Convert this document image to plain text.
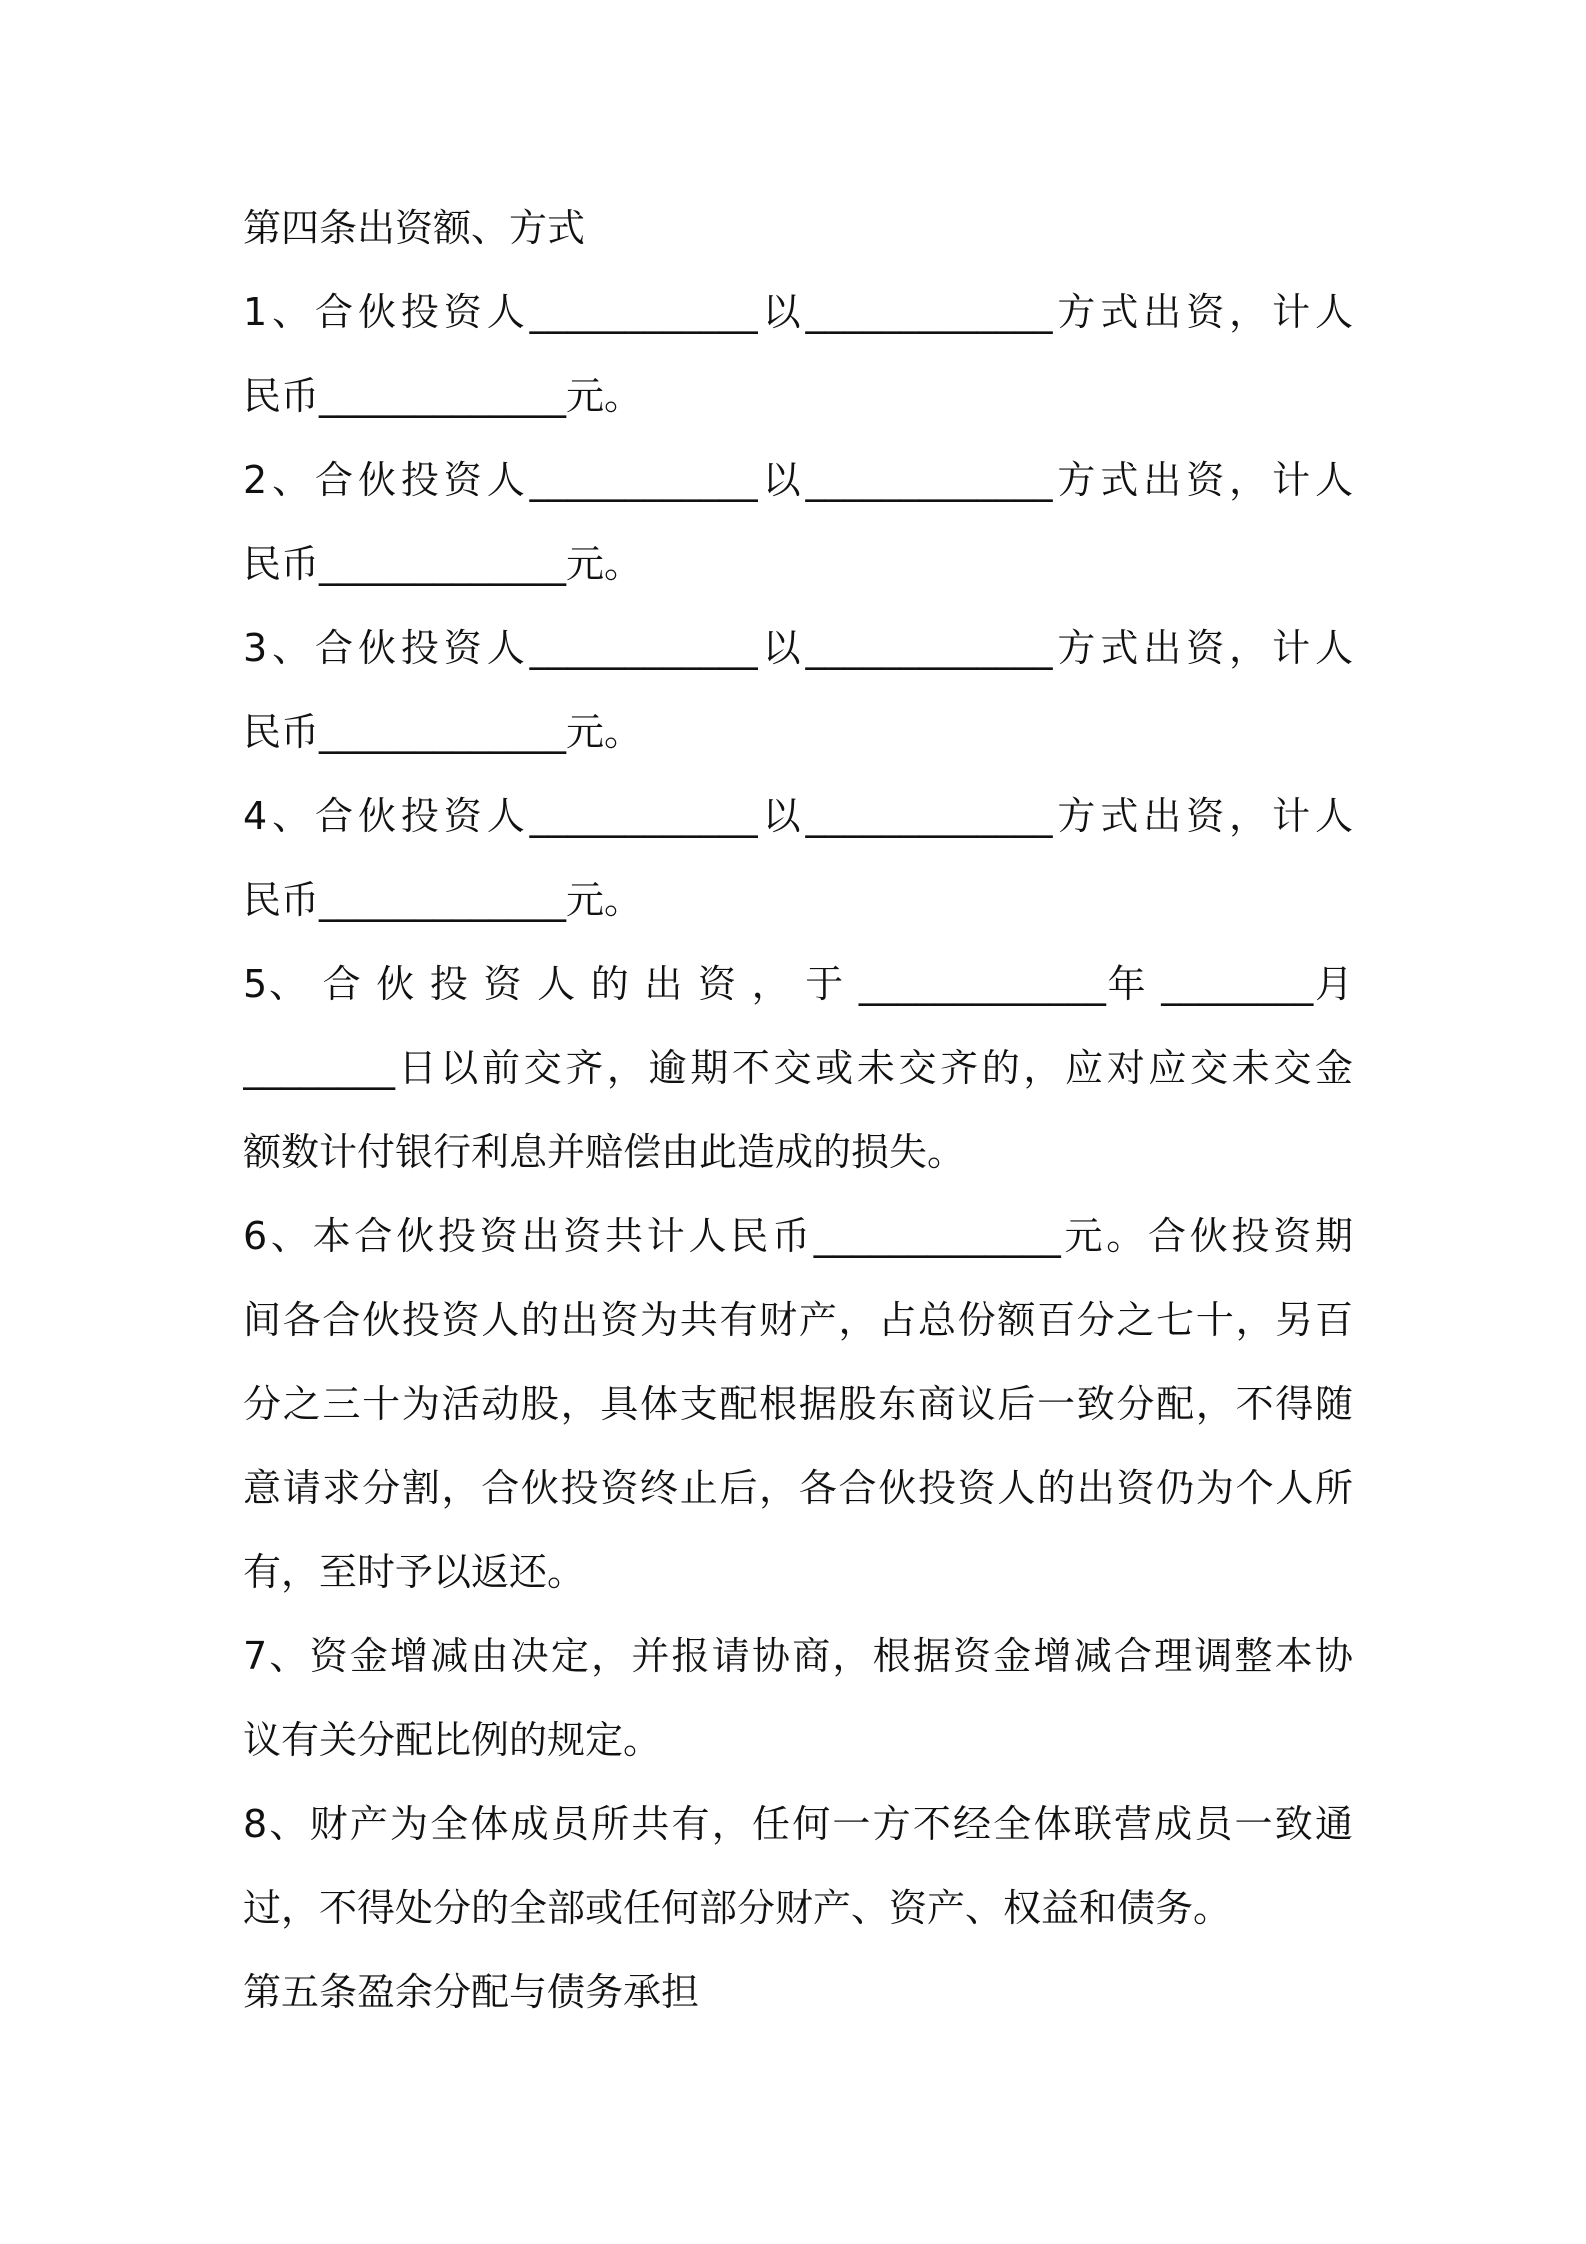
第四条出资额、方式

1、合伙投资人____________以_____________方式出资，计人

民币_____________元。

2、合伙投资人____________以_____________方式出资，计人

民币_____________元。

3、合伙投资人____________以_____________方式出资，计人

民币_____________元。

4、合伙投资人____________以_____________方式出资，计人

民币_____________元。

5、 合 伙 投 资 人 的 出 资 ， 于 _____________年 ________月

________日以前交齐，逾期不交或未交齐的，应对应交未交金

额数计付银行利息并赔偿由此造成的损失。

6、本合伙投资出资共计人民币_____________元。合伙投资期

间各合伙投资人的出资为共有财产，占总份额百分之七十，另百

分之三十为活动股，具体支配根据股东商议后一致分配，不得随

意请求分割，合伙投资终止后，各合伙投资人的出资仍为个人所

有，至时予以返还。

7、资金增减由决定，并报请协商，根据资金增减合理调整本协

议有关分配比例的规定。

8、财产为全体成员所共有，任何一方不经全体联营成员一致通

过，不得处分的全部或任何部分财产、资产、权益和债务。

第五条盈余分配与债务承担
